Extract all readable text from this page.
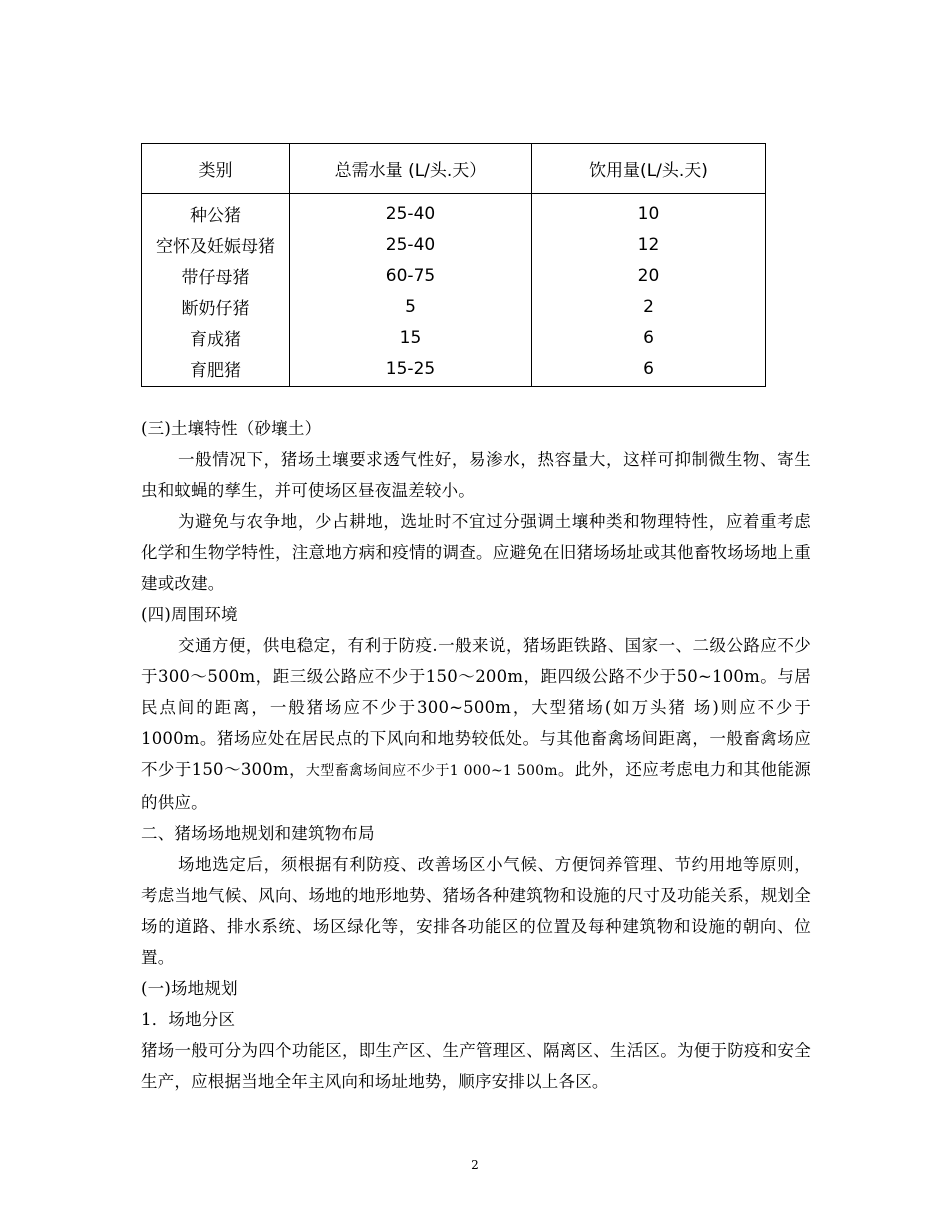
类别	总需水量 (L/头.天）	饮用量(L/头.天)
种公猪	25-40	10
空怀及妊娠母猪	25-40	12
带仔母猪	60-75	20
断奶仔猪	5	2
育成猪	15	6
育肥猪	15-25	6

(三)土壤特性（砂壤土）

一般情况下，猪场土壤要求透气性好，易渗水，热容量大，这样可抑制微生物、寄生虫和蚊蝇的孳生，并可使场区昼夜温差较小。

为避免与农争地，少占耕地，选址时不宜过分强调土壤种类和物理特性，应着重考虑化学和生物学特性，注意地方病和疫情的调查。应避免在旧猪场场址或其他畜牧场场地上重建或改建。

(四)周围环境

交通方便，供电稳定，有利于防疫.一般来说，猪场距铁路、国家一、二级公路应不少于300～500m，距三级公路应不少于150～200m，距四级公路不少于50~100m。与居民点间的距离，一般猪场应不少于300~500m，大型猪场(如万头猪 场)则应不少于1000m。猪场应处在居民点的下风向和地势较低处。与其他畜禽场间距离，一般畜禽场应不少于150～300m，大型畜禽场间应不少于1 000~1 500m。此外，还应考虑电力和其他能源的供应。

二、猪场场地规划和建筑物布局

场地选定后，须根据有利防疫、改善场区小气候、方便饲养管理、节约用地等原则，考虑当地气候、风向、场地的地形地势、猪场各种建筑物和设施的尺寸及功能关系，规划全场的道路、排水系统、场区绿化等，安排各功能区的位置及每种建筑物和设施的朝向、位置。

(一)场地规划

1．场地分区

猪场一般可分为四个功能区，即生产区、生产管理区、隔离区、生活区。为便于防疫和安全生产，应根据当地全年主风向和场址地势，顺序安排以上各区。

2
